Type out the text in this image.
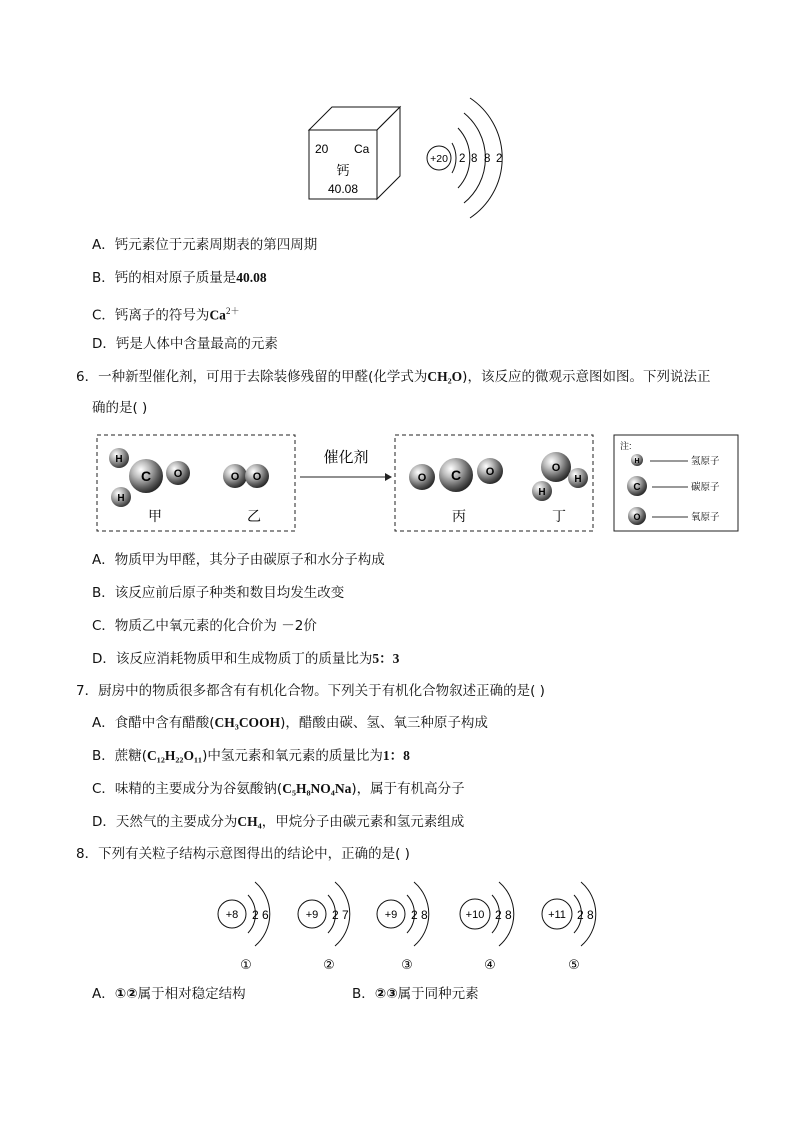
20 Ca
钙
40.08
+20 2 8 8 2
催化剂
O
C
H
H
甲
O O
乙
O	O
C
丙
O
H
H
丁
注:
H	氢原子
C	碳原子
O	氧原子
+8 2 6
①
+9 2 7
②
+9 2 8
③
+10 2 8
④
+11 2 8
⑤
A．钙元素位于元素周期表的第四周期
B．钙的相对原子质量是40.08
C．钙离子的符号为$Ca^{2+}$
D．钙是人体中含量最高的元素
6．一种新型催化剂，可用于去除装修残留的甲醛(化学式为CH₂O)，该反应的微观示意图如图。下列说法正
确的是( )
A．物质甲为甲醛，其分子由碳原子和水分子构成
B．该反应前后原子种类和数目均发生改变
C．物质乙中氧元素的化合价为 －2价
D．该反应消耗物质甲和生成物质丁的质量比为5：3
7．厨房中的物质很多都含有有机化合物。下列关于有机化合物叙述正确的是( )
A．食醋中含有醋酸(CH₃COOH)，醋酸由碳、氢、氧三种原子构成
B．蔗糖(C₁₂H₂₂O₁₁)中氢元素和氧元素的质量比为1：8
C．味精的主要成分为谷氨酸钠(C₅H₈NO₄Na)，属于有机高分子
D．天然气的主要成分为CH₄，甲烷分子由碳元素和氢元素组成
8．下列有关粒子结构示意图得出的结论中，正确的是( )
A．①②属于相对稳定结构	B．②③属于同种元素
